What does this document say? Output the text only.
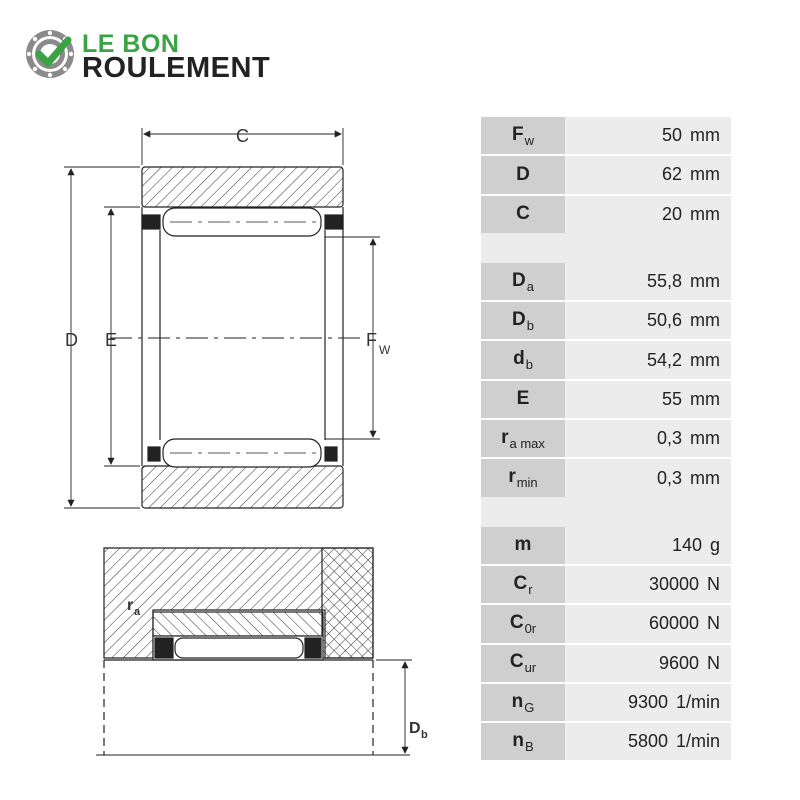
LE BON
ROULEMENT
C
D E	F W
r a
D b
$F_w$	50 mm
D	62 mm
C	20 mm

$D_a$	55,8 mm
$D_b$	50,6 mm
$d_b$	54,2 mm
E	55 mm
$r_{a max}$	0,3 mm
$r_{min}$	0,3 mm

m	140 g
$C_r$	30000 N
$C_{0r}$	60000 N
$C_{ur}$	9600 N
$n_G$	9300 1/min
$n_B$	5800 1/min
